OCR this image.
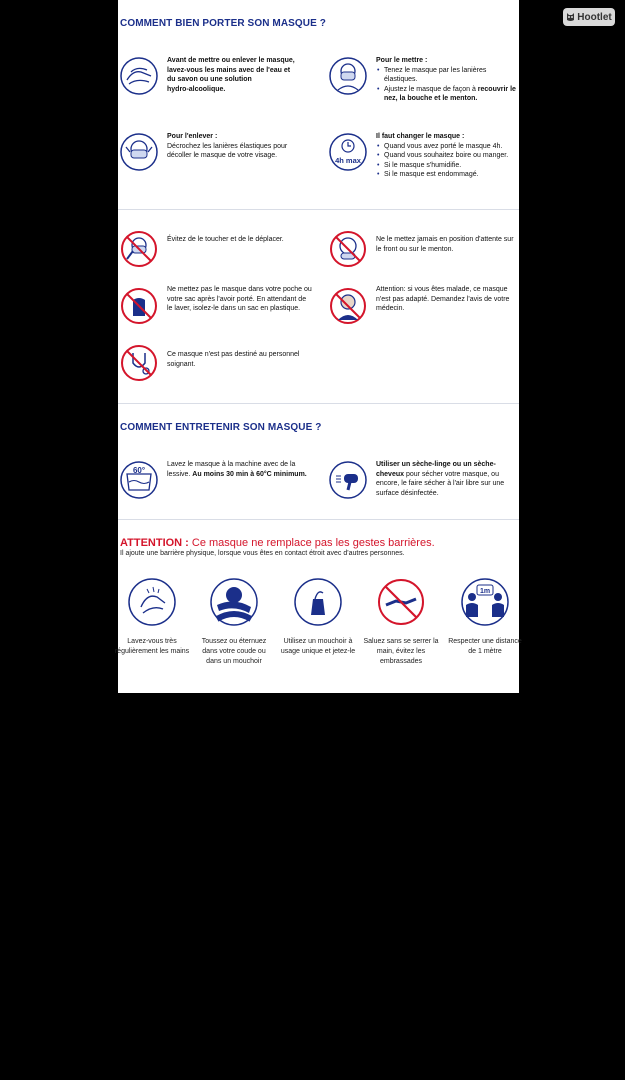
Hootlet
COMMENT BIEN PORTER SON MASQUE ?
Avant de mettre ou enlever le masque,
lavez-vous les mains avec de l'eau et
du savon ou une solution
hydro-alcoolique.
Pour le mettre :
• Tenez le masque par les lanières élastiques.
• Ajustez le masque de façon à recouvrir le nez, la bouche et le menton.
Pour l'enlever :
Décrochez les lanières élastiques pour décoller le masque de votre visage.
4h max
Il faut changer le masque :
• Quand vous avez porté le masque 4h.
• Quand vous souhaitez boire ou manger.
• Si le masque s'humidifie.
• Si le masque est endommagé.
Évitez de le toucher et de le déplacer.	Ne le mettez jamais en position d'attente sur le front ou sur le menton.
Ne mettez pas le masque dans votre poche ou votre sac après l'avoir porté. En attendant de le laver, isolez-le dans un sac en plastique.
Attention: si vous êtes malade, ce masque n'est pas adapté. Demandez l'avis de votre médecin.
Ce masque n'est pas destiné au personnel soignant.
COMMENT ENTRETENIR SON MASQUE ?
60°
Lavez le masque à la machine avec de la lessive. Au moins 30 min à 60°C minimum.
Utiliser un sèche-linge ou un sèche-cheveux pour sécher votre masque, ou encore, le faire sécher à l'air libre sur une surface désinfectée.
ATTENTION : Ce masque ne remplace pas les gestes barrières.
Il ajoute une barrière physique, lorsque vous êtes en contact étroit avec d'autres personnes.
Lavez-vous très régulièrement les mains
Toussez ou éternuez dans votre coude ou dans un mouchoir
Utilisez un mouchoir à usage unique et jetez-le
Saluez sans se serrer la main, évitez les embrassades
1m
Respecter une distance de 1 mètre
